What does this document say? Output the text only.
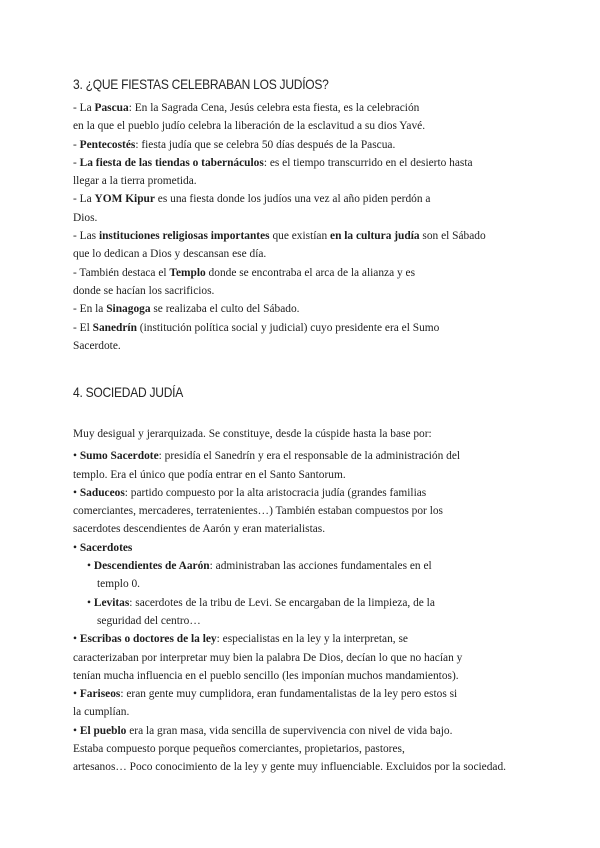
3. ¿QUE FIESTAS CELEBRABAN LOS JUDÍOS?
- La Pascua: En la Sagrada Cena, Jesús celebra esta fiesta, es la celebración
en la que el pueblo judío celebra la liberación de la esclavitud a su dios Yavé.
- Pentecostés: fiesta judía que se celebra 50 días después de la Pascua.
- La fiesta de las tiendas o tabernáculos: es el tiempo transcurrido en el desierto hasta
llegar a la tierra prometida.
- La YOM Kipur es una fiesta donde los judíos una vez al año piden perdón a
Dios.
- Las instituciones religiosas importantes que existían en la cultura judía son el Sábado
que lo dedican a Dios y descansan ese día.
- También destaca el Templo donde se encontraba el arca de la alianza y es
donde se hacían los sacrificios.
- En la Sinagoga se realizaba el culto del Sábado.
- El Sanedrín (institución política social y judicial) cuyo presidente era el Sumo
Sacerdote.
4. SOCIEDAD JUDÍA
Muy desigual y jerarquizada. Se constituye, desde la cúspide hasta la base por:
• Sumo Sacerdote: presidía el Sanedrín y era el responsable de la administración del
templo. Era el único que podía entrar en el Santo Santorum.
• Saduceos: partido compuesto por la alta aristocracia judía (grandes familias
comerciantes, mercaderes, terratenientes…) También estaban compuestos por los
sacerdotes descendientes de Aarón y eran materialistas.
• Sacerdotes
• Descendientes de Aarón: administraban las acciones fundamentales en el
templo 0.
• Levitas: sacerdotes de la tribu de Levi. Se encargaban de la limpieza, de la
seguridad del centro…
• Escribas o doctores de la ley: especialistas en la ley y la interpretan, se
caracterizaban por interpretar muy bien la palabra De Dios, decían lo que no hacían y
tenían mucha influencia en el pueblo sencillo (les imponían muchos mandamientos).
• Fariseos: eran gente muy cumplidora, eran fundamentalistas de la ley pero estos si
la cumplían.
• El pueblo era la gran masa, vida sencilla de supervivencia con nivel de vida bajo.
Estaba compuesto porque pequeños comerciantes, propietarios, pastores,
artesanos… Poco conocimiento de la ley y gente muy influenciable. Excluidos por la sociedad.
